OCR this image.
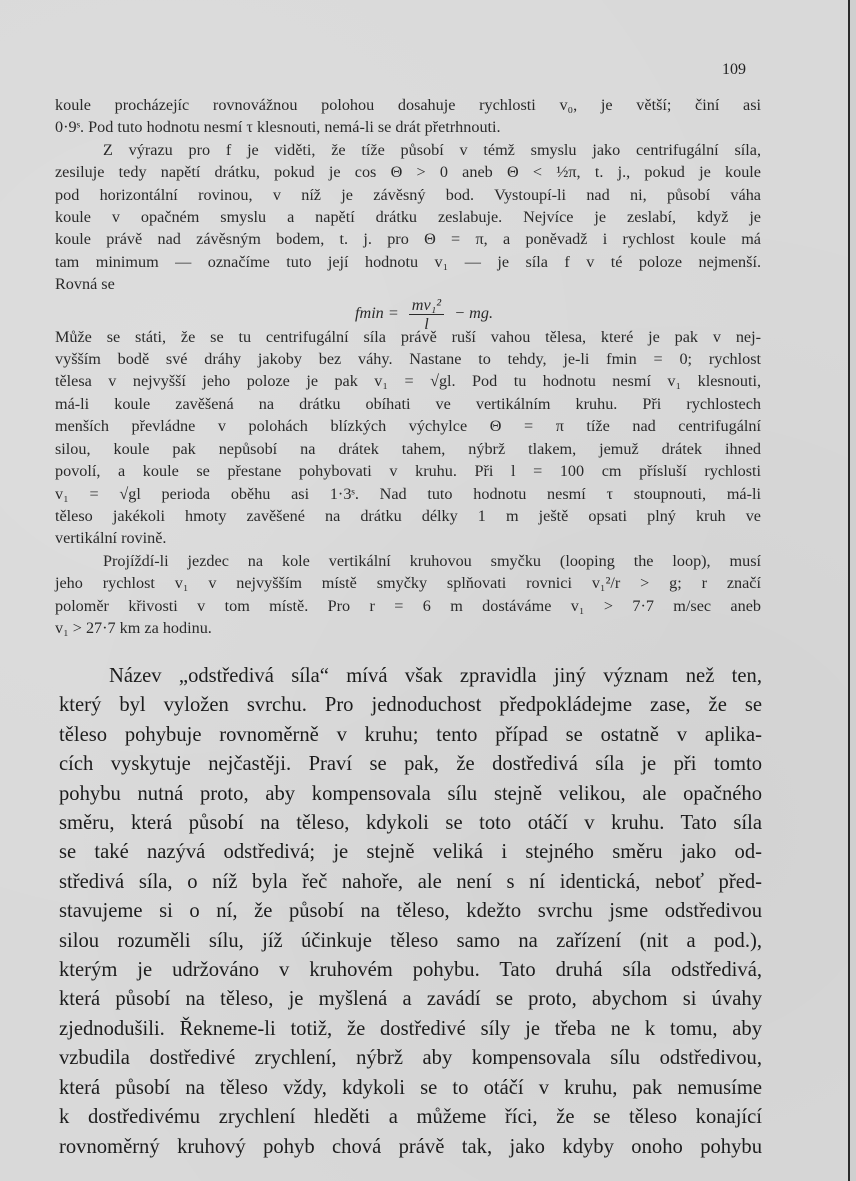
109
koule procházejíc rovnovážnou polohou dosahuje rychlosti v₀, je větší; činí asi
0·9ˢ. Pod tuto hodnotu nesmí τ klesnouti, nemá-li se drát přetrhnouti.
Z výrazu pro f je viděti, že tíže působí v témž smyslu jako centrifugální síla,
zesiluje tedy napětí drátku, pokud je cos Θ > 0 aneb Θ < ½π, t. j., pokud je koule
pod horizontální rovinou, v níž je závěsný bod. Vystoupí-li nad ni, působí váha
koule v opačném smyslu a napětí drátku zeslabuje. Nejvíce je zeslabí, když je
koule právě nad závěsným bodem, t. j. pro Θ = π, a poněvadž i rychlost koule má
tam minimum — označíme tuto její hodnotu v₁ — je síla f v té poloze nejmenší.
Rovná se
$fmin = \frac{\text{mv₁²}}{l}$ − mg.
Může se státi, že se tu centrifugální síla právě ruší vahou tělesa, které je pak v nej-
vyšším bodě své dráhy jakoby bez váhy. Nastane to tehdy, je-li fmin = 0; rychlost
tělesa v nejvyšší jeho poloze je pak v₁ = √gl. Pod tu hodnotu nesmí v₁ klesnouti,
má-li koule zavěšená na drátku obíhati ve vertikálním kruhu. Při rychlostech
menších převládne v polohách blízkých výchylce Θ = π tíže nad centrifugální
silou, koule pak nepůsobí na drátek tahem, nýbrž tlakem, jemuž drátek ihned
povolí, a koule se přestane pohybovati v kruhu. Při l = 100 cm přísluší rychlosti
v₁ = √gl perioda oběhu asi 1·3ˢ. Nad tuto hodnotu nesmí τ stoupnouti, má-li
těleso jakékoli hmoty zavěšené na drátku délky 1 m ještě opsati plný kruh ve
vertikální rovině.
Projíždí-li jezdec na kole vertikální kruhovou smyčku (looping the loop), musí
jeho rychlost v₁ v nejvyšším místě smyčky splňovati rovnici v₁²/r > g; r značí
poloměr křivosti v tom místě. Pro r = 6 m dostáváme v₁ > 7·7 m/sec aneb
v₁ > 27·7 km za hodinu.
Název „odstředivá síla“ mívá však zpravidla jiný význam než ten,
který byl vyložen svrchu. Pro jednoduchost předpokládejme zase, že se
těleso pohybuje rovnoměrně v kruhu; tento případ se ostatně v aplika-
cích vyskytuje nejčastěji. Praví se pak, že dostředivá síla je při tomto
pohybu nutná proto, aby kompensovala sílu stejně velikou, ale opačného
směru, která působí na těleso, kdykoli se toto otáčí v kruhu. Tato síla
se také nazývá odstředivá; je stejně veliká i stejného směru jako od-
středivá síla, o níž byla řeč nahoře, ale není s ní identická, neboť před-
stavujeme si o ní, že působí na těleso, kdežto svrchu jsme odstředivou
silou rozuměli sílu, jíž účinkuje těleso samo na zařízení (nit a pod.),
kterým je udržováno v kruhovém pohybu. Tato druhá síla odstředivá,
která působí na těleso, je myšlená a zavádí se proto, abychom si úvahy
zjednodušili. Řekneme-li totiž, že dostředivé síly je třeba ne k tomu, aby
vzbudila dostředivé zrychlení, nýbrž aby kompensovala sílu odstředivou,
která působí na těleso vždy, kdykoli se to otáčí v kruhu, pak nemusíme
k dostředivému zrychlení hleděti a můžeme říci, že se těleso konající
rovnoměrný kruhový pohyb chová právě tak, jako kdyby onoho pohybu
